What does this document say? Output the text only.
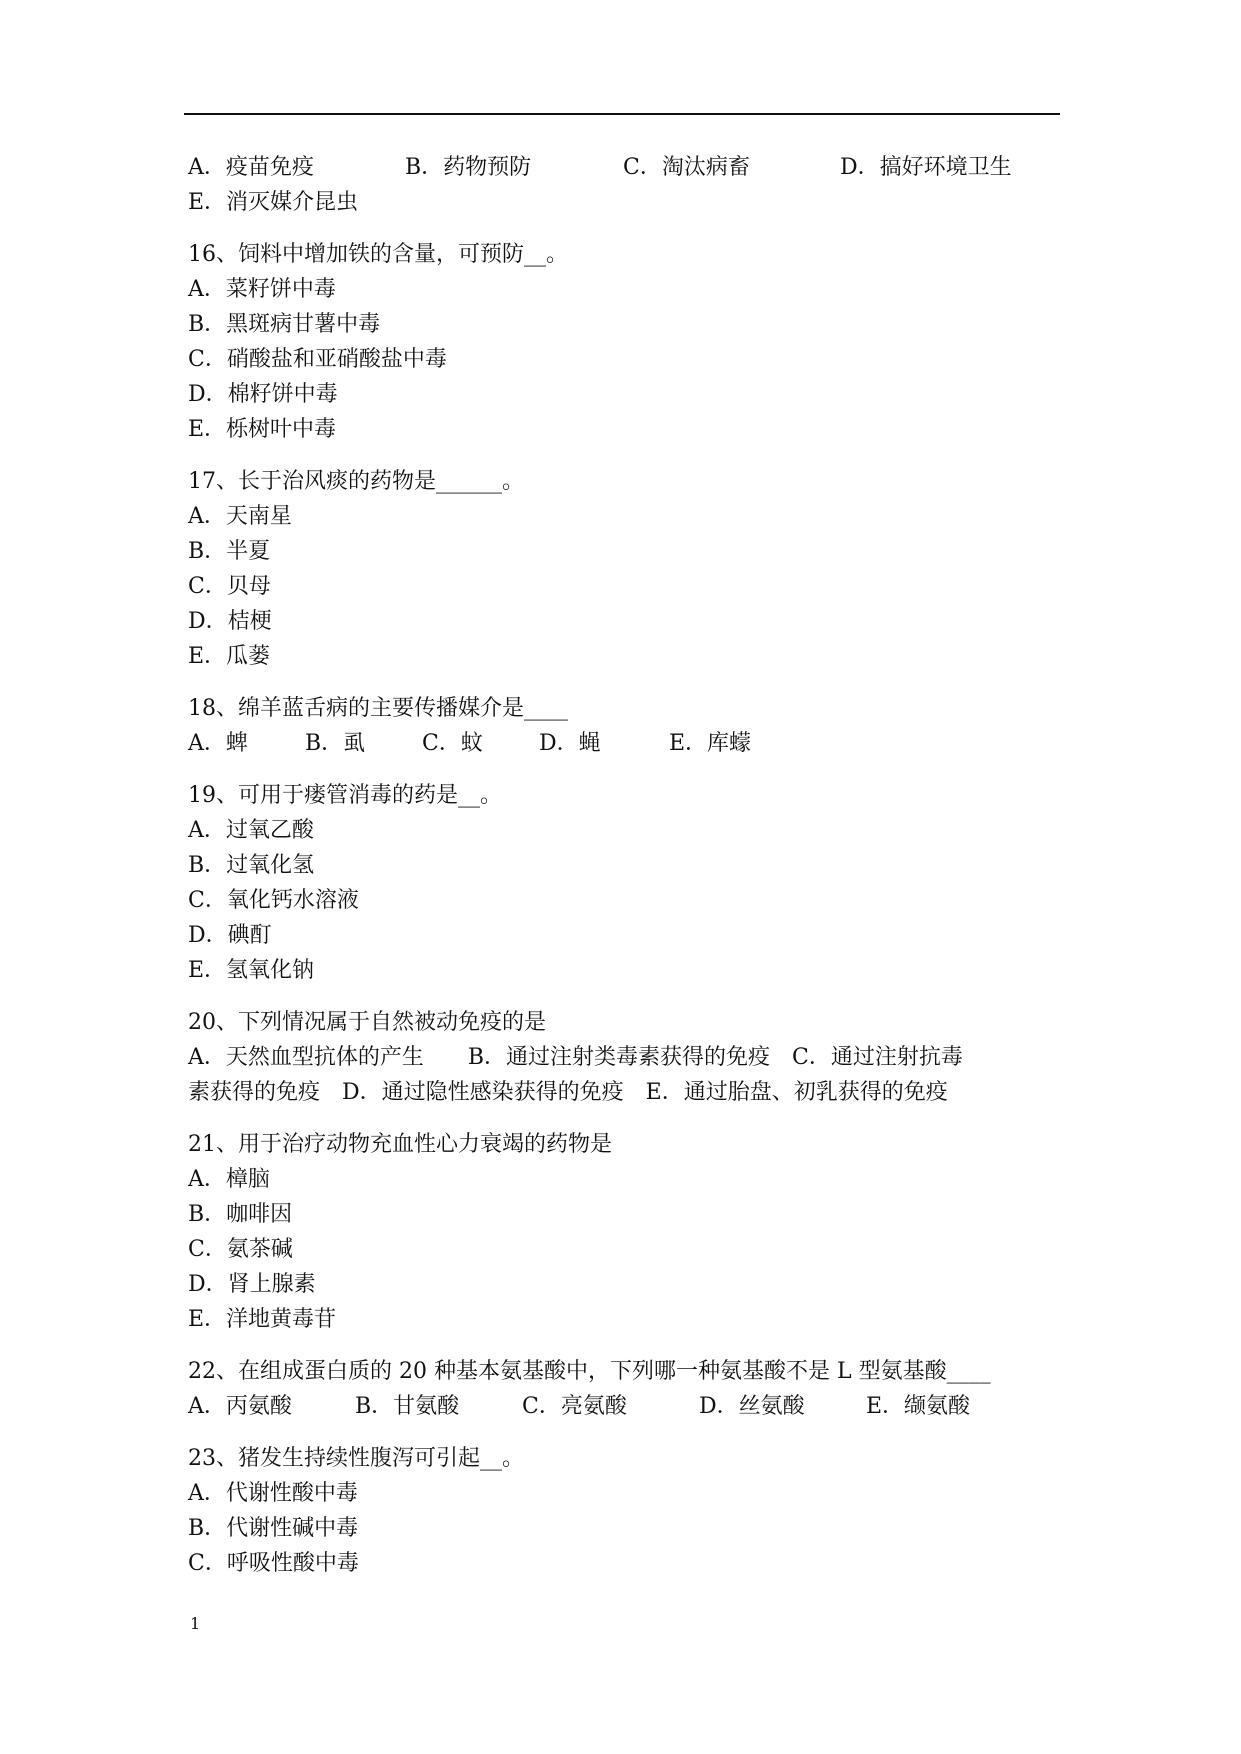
A．疫苗免疫	B．药物预防	C．淘汰病畜	D．搞好环境卫生
E．消灭媒介昆虫
16、饲料中增加铁的含量，可预防__。
A．菜籽饼中毒
B．黑斑病甘薯中毒
C．硝酸盐和亚硝酸盐中毒
D．棉籽饼中毒
E．栎树叶中毒
17、长于治风痰的药物是______。
A．天南星
B．半夏
C．贝母
D．桔梗
E．瓜蒌
18、绵羊蓝舌病的主要传播媒介是____
A．蜱	B．虱	C．蚊	D．蝇	E．库蠓
19、可用于瘘管消毒的药是__。
A．过氧乙酸
B．过氧化氢
C．氧化钙水溶液
D．碘酊
E．氢氧化钠
20、下列情况属于自然被动免疫的是
A．天然血型抗体的产生　　B．通过注射类毒素获得的免疫　C．通过注射抗毒
素获得的免疫　D．通过隐性感染获得的免疫　E．通过胎盘、初乳获得的免疫
21、用于治疗动物充血性心力衰竭的药物是
A．樟脑
B．咖啡因
C．氨茶碱
D．肾上腺素
E．洋地黄毒苷
22、在组成蛋白质的 20 种基本氨基酸中，下列哪一种氨基酸不是 L 型氨基酸____
A．丙氨酸	B．甘氨酸	C．亮氨酸	D．丝氨酸	E．缬氨酸
23、猪发生持续性腹泻可引起__。
A．代谢性酸中毒
B．代谢性碱中毒
C．呼吸性酸中毒
1
